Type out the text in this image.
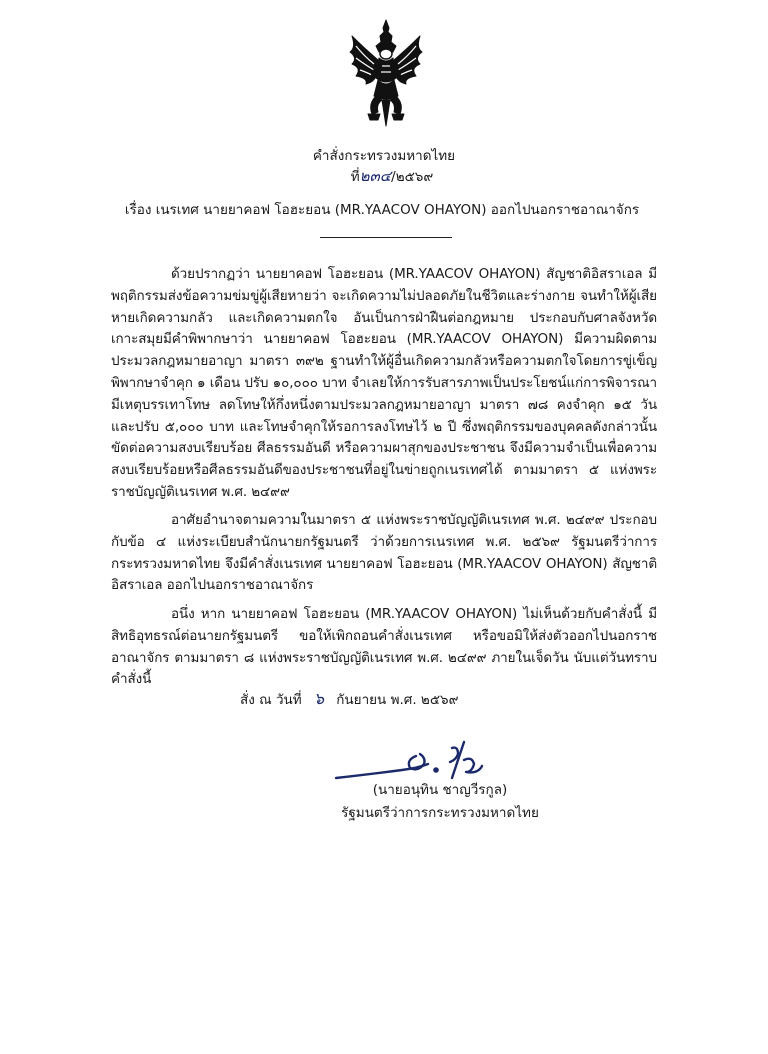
คำสั่งกระทรวงมหาดไทย
ที่๒๓๔/๒๕๖๙
เรื่อง เนรเทศ นายยาคอฟ โอฮะยอน (MR.YAACOV OHAYON) ออกไปนอกราชอาณาจักร

ด้วยปรากฏว่า นายยาคอฟ โอฮะยอน (MR.YAACOV OHAYON) สัญชาติอิสราเอล มีพฤติกรรมส่งข้อความข่มขู่ผู้เสียหายว่า จะเกิดความไม่ปลอดภัยในชีวิตและร่างกาย จนทำให้ผู้เสียหายเกิดความกลัว และเกิดความตกใจ อันเป็นการฝ่าฝืนต่อกฎหมาย ประกอบกับศาลจังหวัดเกาะสมุยมีคำพิพากษาว่า นายยาคอฟ โอฮะยอน (MR.YAACOV OHAYON) มีความผิดตามประมวลกฎหมายอาญา มาตรา ๓๙๒ ฐานทำให้ผู้อื่นเกิดความกลัวหรือความตกใจโดยการขู่เข็ญ พิพากษาจำคุก ๑ เดือน ปรับ ๑๐,๐๐๐ บาท จำเลยให้การรับสารภาพเป็นประโยชน์แก่การพิจารณา มีเหตุบรรเทาโทษ ลดโทษให้กึ่งหนึ่งตามประมวลกฎหมายอาญา มาตรา ๗๘ คงจำคุก ๑๕ วัน และปรับ ๕,๐๐๐ บาท และโทษจำคุกให้รอการลงโทษไว้ ๒ ปี ซึ่งพฤติกรรมของบุคคลดังกล่าวนั้น ขัดต่อความสงบเรียบร้อย ศีลธรรมอันดี หรือความผาสุกของประชาชน จึงมีความจำเป็นเพื่อความสงบเรียบร้อยหรือศีลธรรมอันดีของประชาชนที่อยู่ในข่ายถูกเนรเทศได้ ตามมาตรา ๕ แห่งพระราชบัญญัติเนรเทศ พ.ศ. ๒๔๙๙

อาศัยอำนาจตามความในมาตรา ๕ แห่งพระราชบัญญัติเนรเทศ พ.ศ. ๒๔๙๙ ประกอบกับข้อ ๔ แห่งระเบียบสำนักนายกรัฐมนตรี ว่าด้วยการเนรเทศ พ.ศ. ๒๕๖๙ รัฐมนตรีว่าการกระทรวงมหาดไทย จึงมีคำสั่งเนรเทศ นายยาคอฟ โอฮะยอน (MR.YAACOV OHAYON) สัญชาติอิสราเอล ออกไปนอกราชอาณาจักร

อนึ่ง หาก นายยาคอฟ โอฮะยอน (MR.YAACOV OHAYON) ไม่เห็นด้วยกับคำสั่งนี้ มีสิทธิอุทธรณ์ต่อนายกรัฐมนตรี ขอให้เพิกถอนคำสั่งเนรเทศ หรือขอมิให้ส่งตัวออกไปนอกราชอาณาจักร ตามมาตรา ๘ แห่งพระราชบัญญัติเนรเทศ พ.ศ. ๒๔๙๙ ภายในเจ็ดวัน นับแต่วันทราบคำสั่งนี้

สั่ง ณ วันที่ ๖ กันยายน พ.ศ. ๒๕๖๙
(นายอนุทิน ชาญวีรกูล)
รัฐมนตรีว่าการกระทรวงมหาดไทย
